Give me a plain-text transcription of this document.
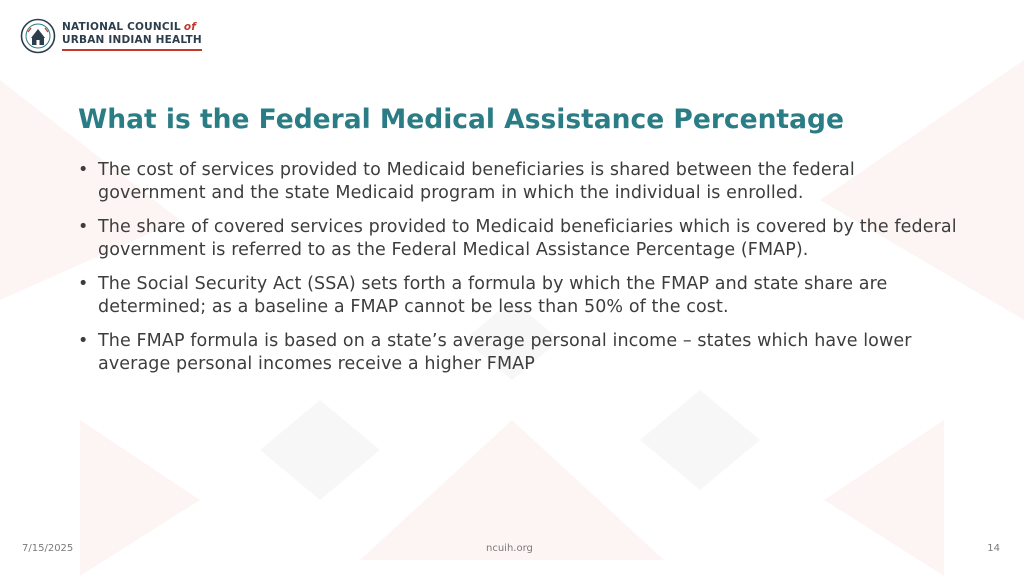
NATIONAL COUNCIL of
URBAN INDIAN HEALTH
What is the Federal Medical Assistance Percentage
• The cost of services provided to Medicaid beneficiaries is shared between the federal government and the state Medicaid program in which the individual is enrolled.
• The share of covered services provided to Medicaid beneficiaries which is covered by the federal government is referred to as the Federal Medical Assistance Percentage (FMAP).
• The Social Security Act (SSA) sets forth a formula by which the FMAP and state share are determined; as a baseline a FMAP cannot be less than 50% of the cost.
• The FMAP formula is based on a state’s average personal income – states which have lower average personal incomes receive a higher FMAP
7/15/2025	ncuih.org	14
